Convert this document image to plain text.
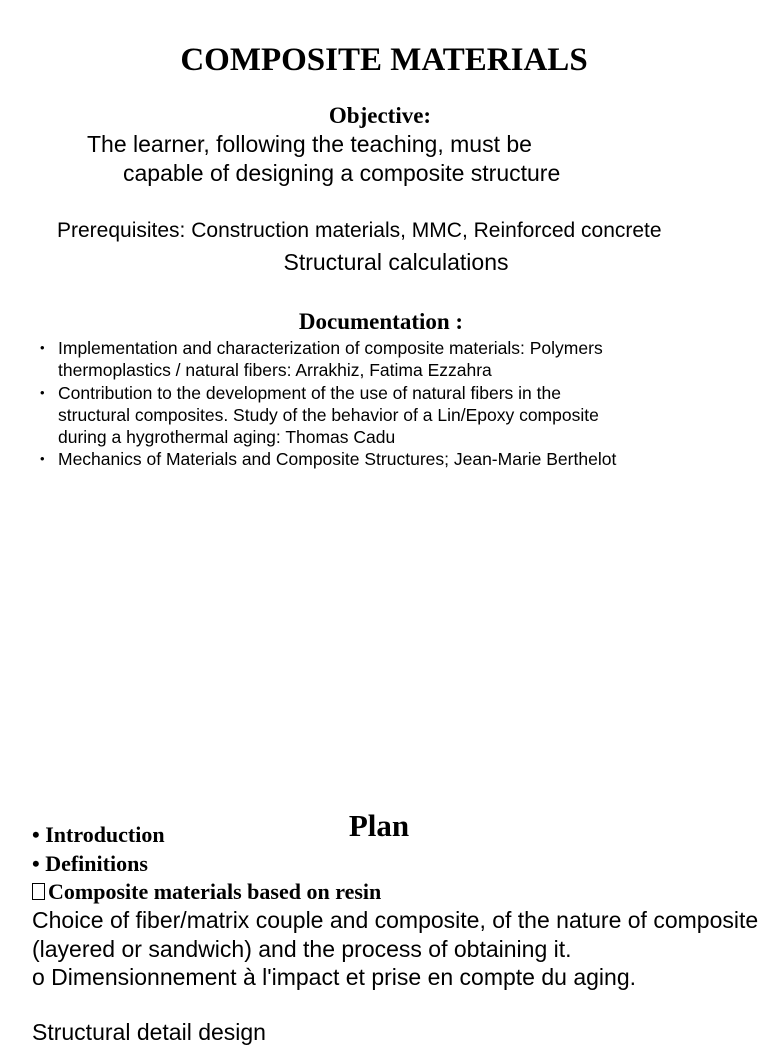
COMPOSITE MATERIALS
Objective:
The learner, following the teaching, must be
capable of designing a composite structure
Prerequisites: Construction materials, MMC, Reinforced concrete
Structural calculations
Documentation :
• Implementation and characterization of composite materials: Polymers
thermoplastics / natural fibers: Arrakhiz, Fatima Ezzahra
• Contribution to the development of the use of natural fibers in the
structural composites. Study of the behavior of a Lin/Epoxy composite
during a hygrothermal aging: Thomas Cadu
• Mechanics of Materials and Composite Structures; Jean-Marie Berthelot
Plan
• Introduction
• Definitions
Composite materials based on resin
Choice of fiber/matrix couple and composite, of the nature of composite (layered or sandwich) and the process of obtaining it.
o Dimensionnement à l'impact et prise en compte du aging.
Structural detail design
